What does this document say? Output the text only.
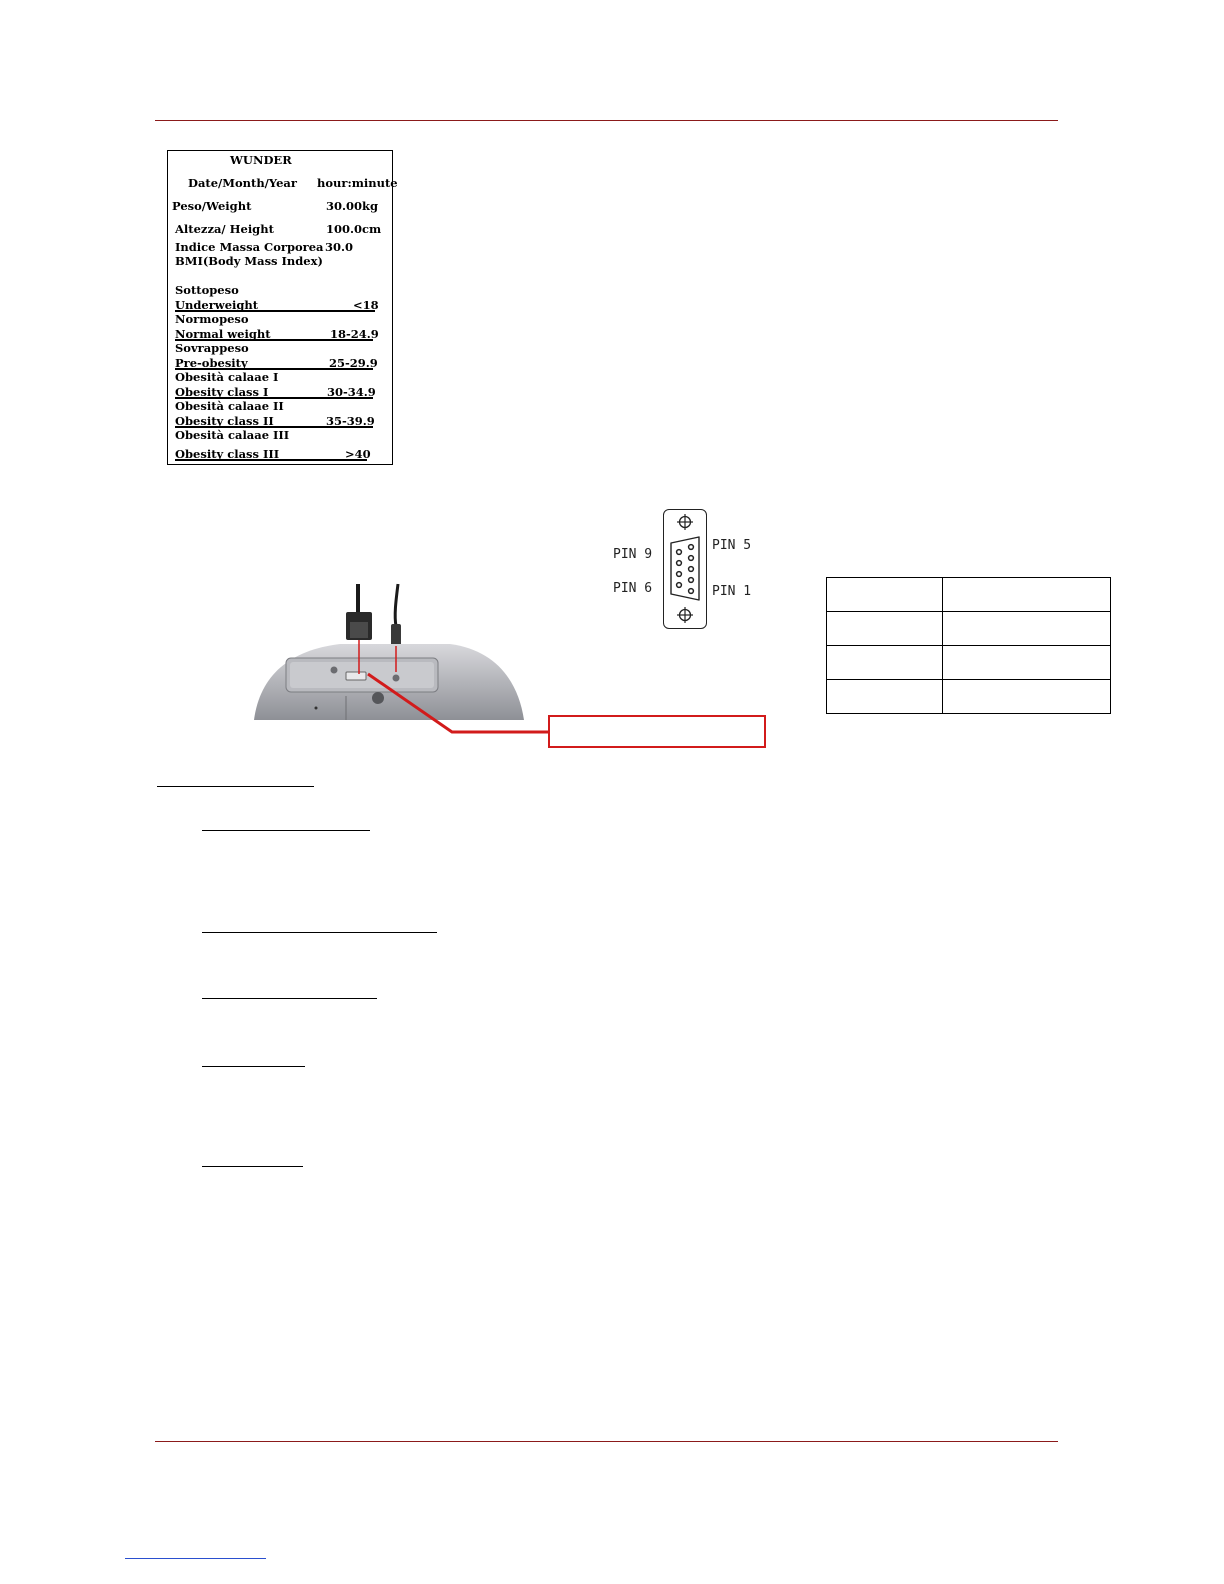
WUNDER
Date/Month/Year hour:minute
Peso/Weight	30.00kg
Altezza/ Height	100.0cm
Indice Massa Corporea 30.0
BMI(Body Mass Index)
Sottopeso
Underweight	<18
Normopeso
Normal weight	18-24.9
Sovrappeso
Pre-obesity	25-29.9
Obesità calaae I
Obesity class I	30-34.9
Obesità calaae II
Obesity class II	35-39.9
Obesità calaae III
Obesity class III	>40
PIN 9
PIN 5
PIN 6	PIN 1
